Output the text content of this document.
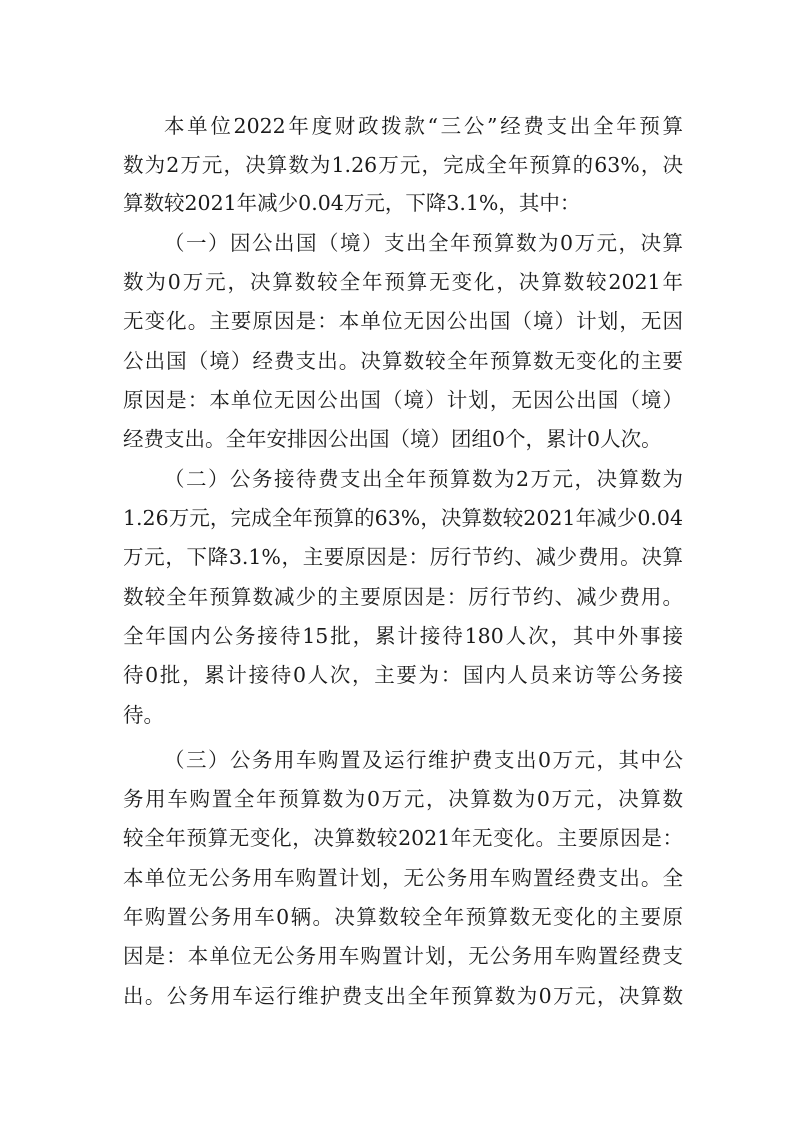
本单位2022年度财政拨款“三公”经费支出全年预算
数为2万元，决算数为1.26万元，完成全年预算的63%，决
算数较2021年减少0.04万元，下降3.1%，其中：
（一）因公出国（境）支出全年预算数为0万元，决算
数为0万元，决算数较全年预算无变化，决算数较2021年
无变化。主要原因是：本单位无因公出国（境）计划，无因
公出国（境）经费支出。决算数较全年预算数无变化的主要
原因是：本单位无因公出国（境）计划，无因公出国（境）
经费支出。全年安排因公出国（境）团组0个，累计0人次。
（二）公务接待费支出全年预算数为2万元，决算数为
1.26万元，完成全年预算的63%，决算数较2021年减少0.04
万元，下降3.1%，主要原因是：厉行节约、减少费用。决算
数较全年预算数减少的主要原因是：厉行节约、减少费用。
全年国内公务接待15批，累计接待180人次，其中外事接
待0批，累计接待0人次，主要为：国内人员来访等公务接
待。
（三）公务用车购置及运行维护费支出0万元，其中公
务用车购置全年预算数为0万元，决算数为0万元，决算数
较全年预算无变化，决算数较2021年无变化。主要原因是：
本单位无公务用车购置计划，无公务用车购置经费支出。全
年购置公务用车0辆。决算数较全年预算数无变化的主要原
因是：本单位无公务用车购置计划，无公务用车购置经费支
出。公务用车运行维护费支出全年预算数为0万元，决算数
